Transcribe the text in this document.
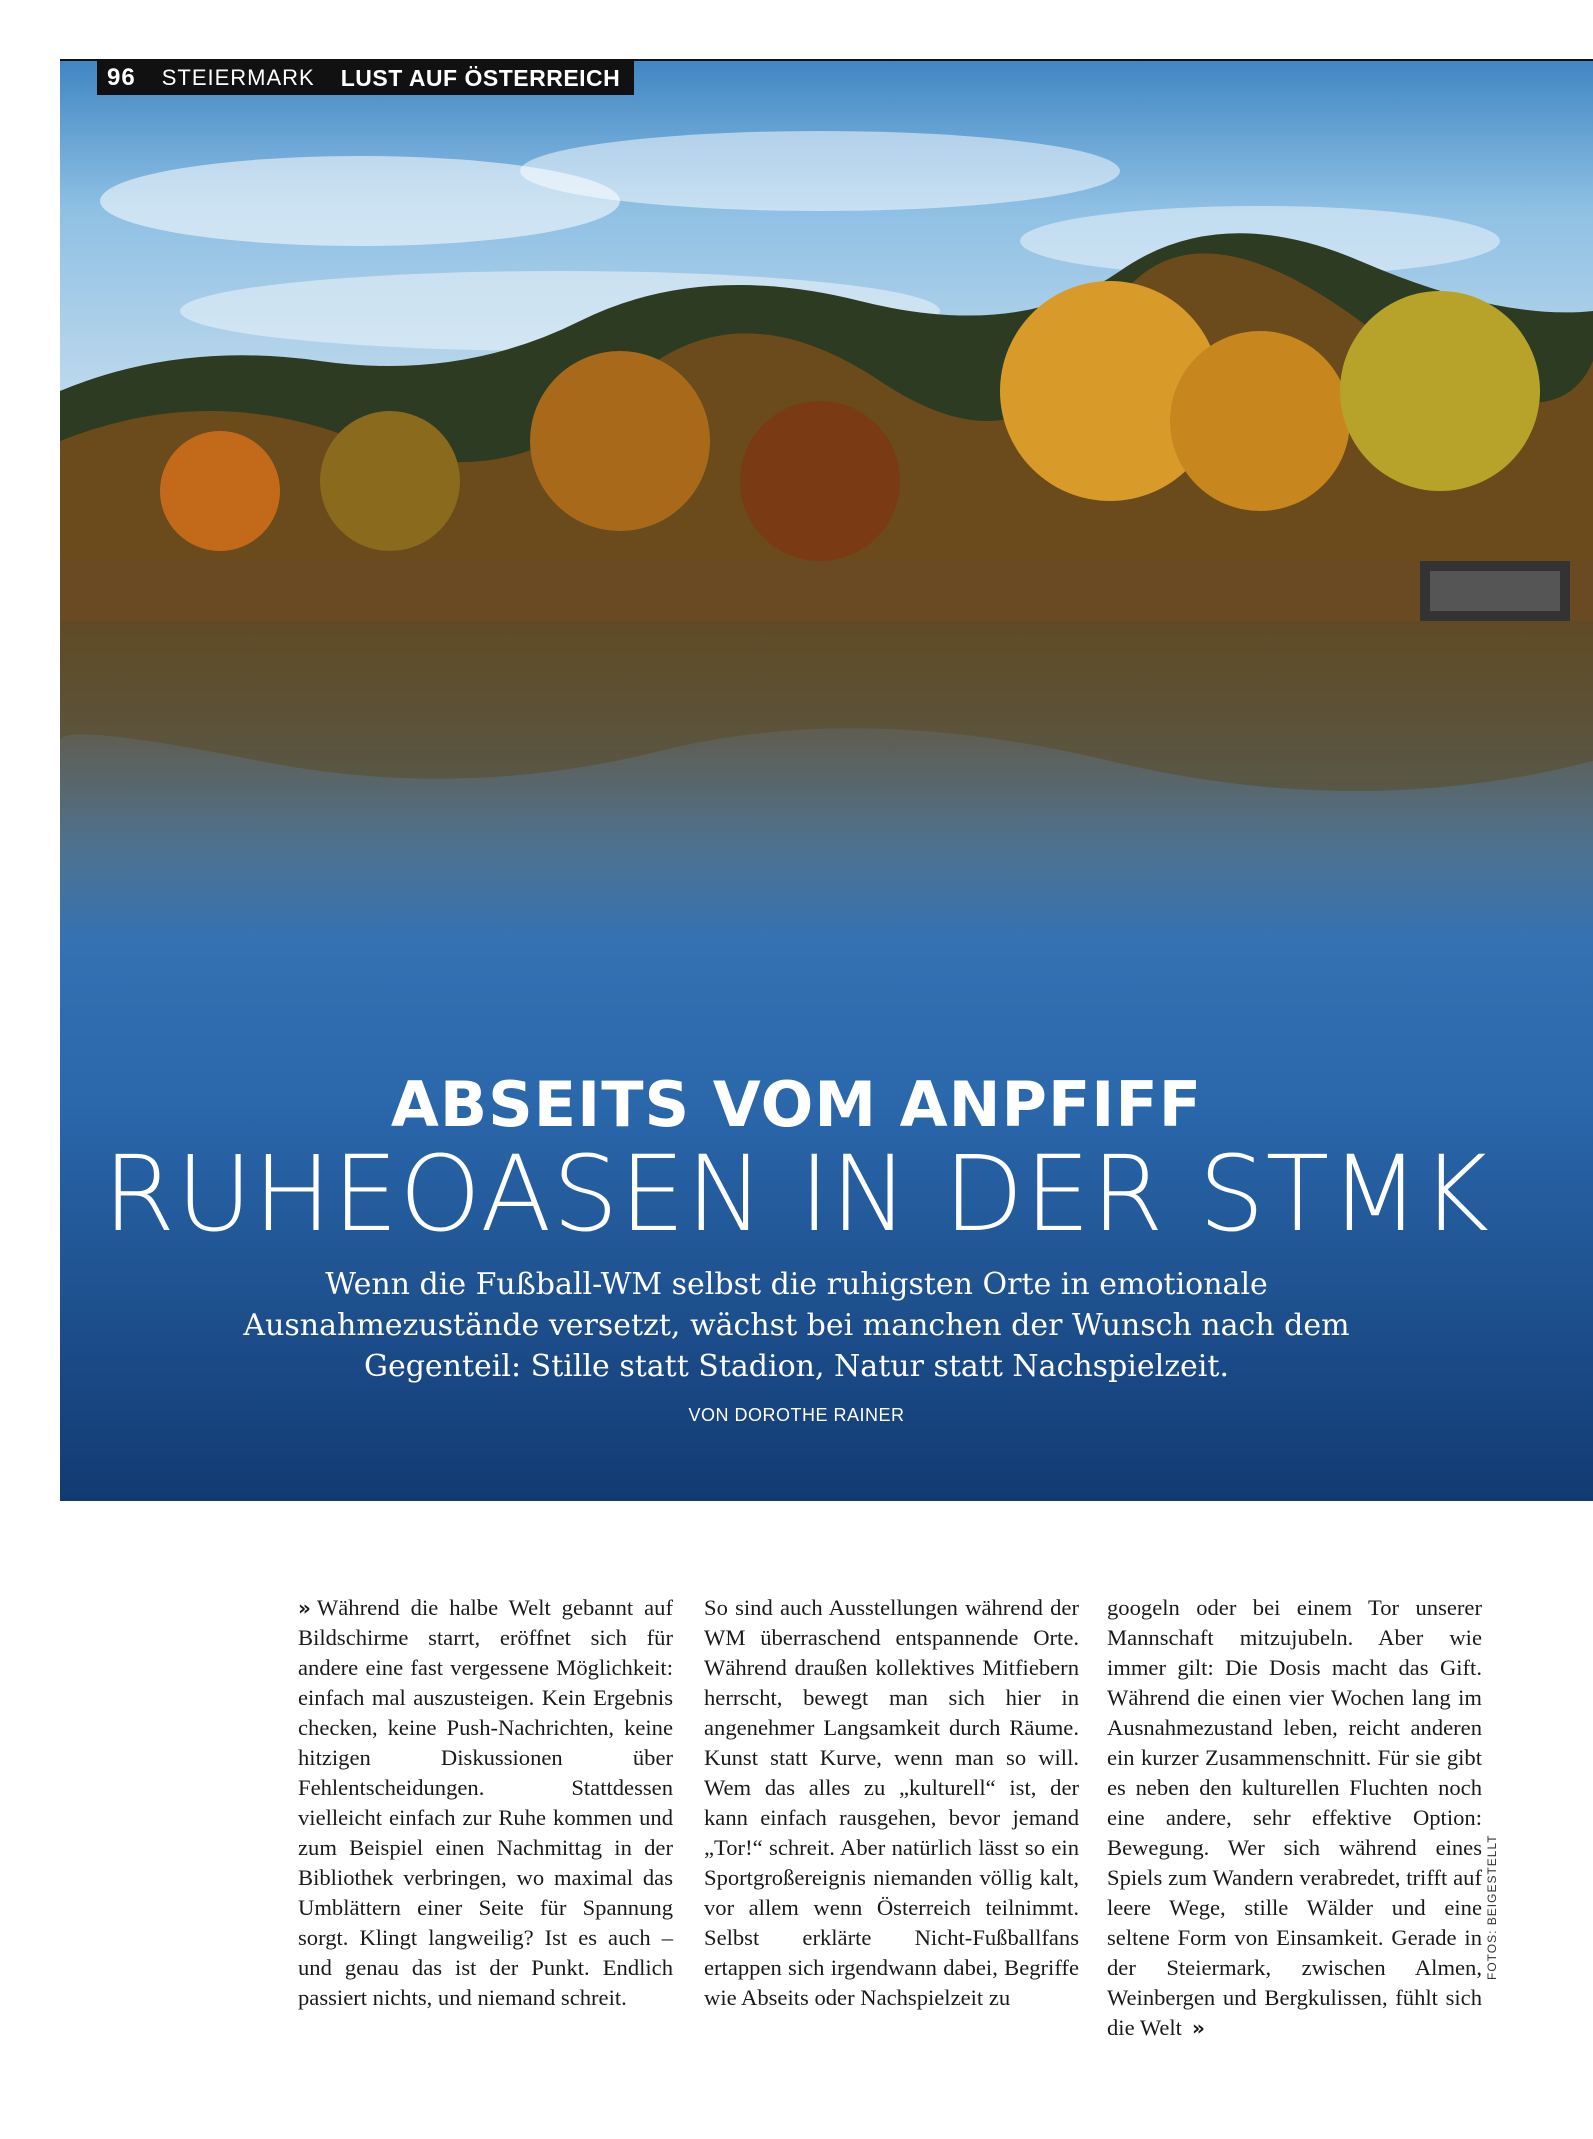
96 STEIERMARK LUST AUF ÖSTERREICH
ABSEITS VOM ANPFIFF
RUHEOASEN IN DER STMK
Wenn die Fußball-WM selbst die ruhigsten Orte in emotionale Ausnahmezustände versetzt, wächst bei manchen der Wunsch nach dem Gegenteil: Stille statt Stadion, Natur statt Nachspielzeit.
VON DOROTHE RAINER

» Während die halbe Welt gebannt auf Bildschirme starrt, eröffnet sich für andere eine fast vergessene Möglichkeit: einfach mal auszusteigen. Kein Ergebnis checken, keine Push-Nachrichten, keine hitzigen Diskussionen über Fehlentscheidungen. Stattdessen vielleicht einfach zur Ruhe kommen und zum Beispiel einen Nachmittag in der Bibliothek verbringen, wo maximal das Umblättern einer Seite für Spannung sorgt. Klingt langweilig? Ist es auch – und genau das ist der Punkt. Endlich passiert nichts, und niemand schreit.

So sind auch Ausstellungen während der WM überraschend entspannende Orte. Während draußen kollektives Mitfiebern herrscht, bewegt man sich hier in angenehmer Langsamkeit durch Räume. Kunst statt Kurve, wenn man so will. Wem das alles zu „kulturell“ ist, der kann einfach rausgehen, bevor jemand „Tor!“ schreit. Aber natürlich lässt so ein Sportgroßereignis niemanden völlig kalt, vor allem wenn Österreich teilnimmt. Selbst erklärte Nicht-Fußballfans ertappen sich irgendwann dabei, Begriffe wie Abseits oder Nachspielzeit zu

googeln oder bei einem Tor unserer Mannschaft mitzujubeln. Aber wie immer gilt: Die Dosis macht das Gift. Während die einen vier Wochen lang im Ausnahmezustand leben, reicht anderen ein kurzer Zusammenschnitt. Für sie gibt es neben den kulturellen Fluchten noch eine andere, sehr effektive Option: Bewegung. Wer sich während eines Spiels zum Wandern verabredet, trifft auf leere Wege, stille Wälder und eine seltene Form von Einsamkeit. Gerade in der Steiermark, zwischen Almen, Weinbergen und Bergkulissen, fühlt sich die Welt »

FOTOS: BEIGESTELLT
